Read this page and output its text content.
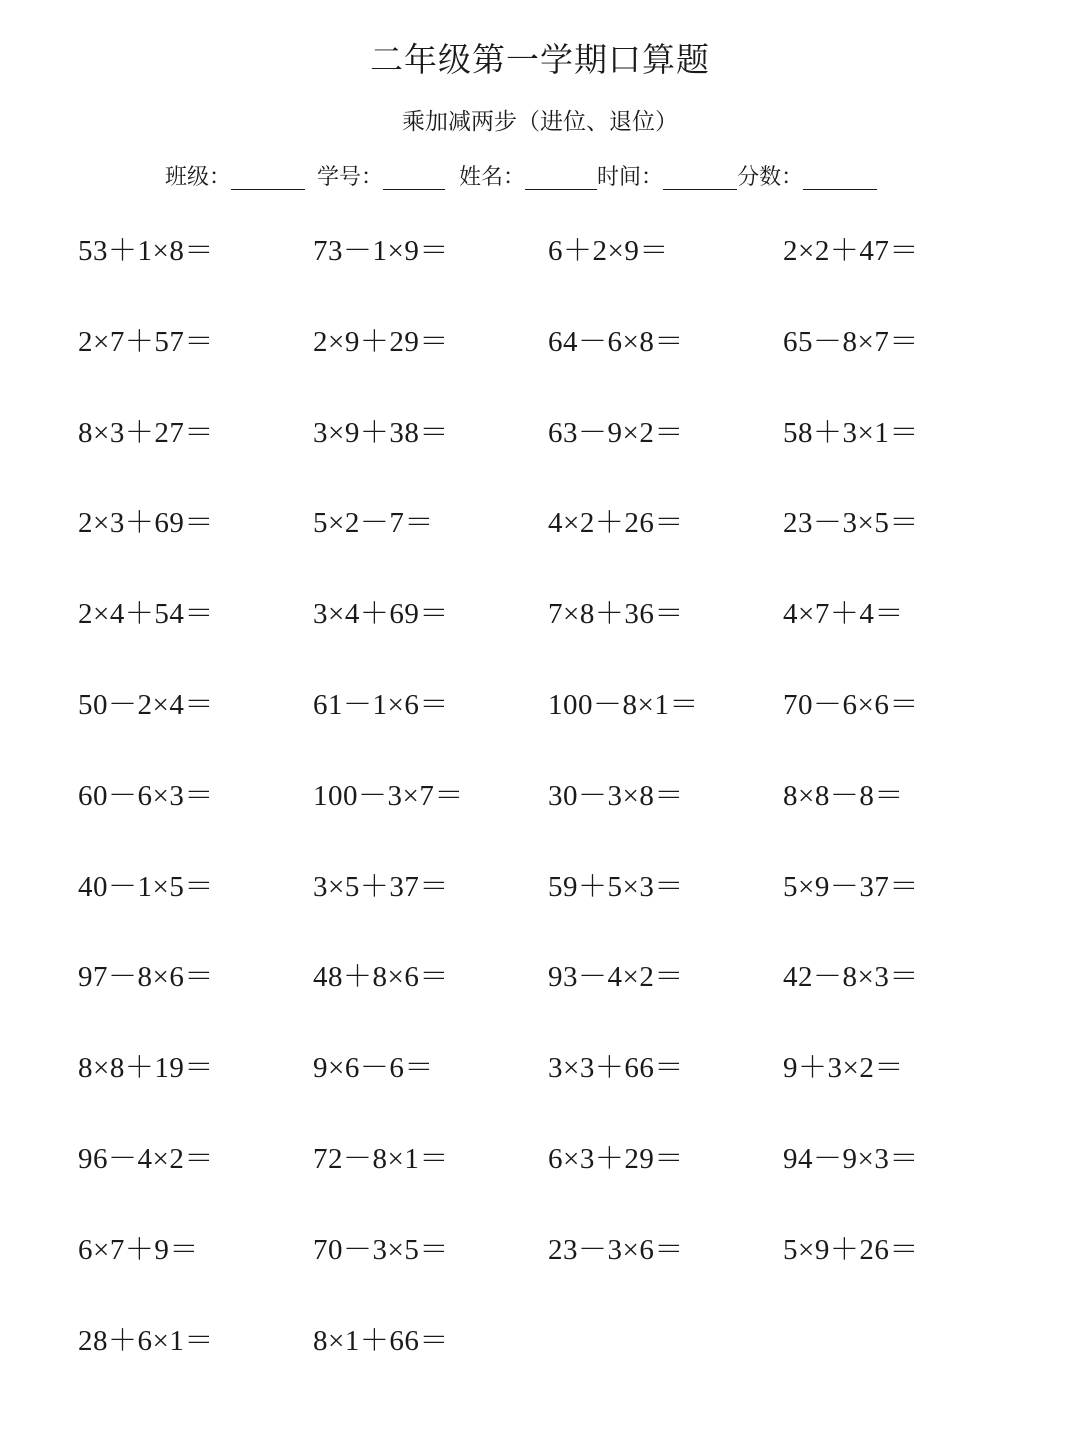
二年级第一学期口算题
乘加减两步（进位、退位）
班级：	学号：	姓名：	时间：	分数：
53＋1×8＝	73－1×9＝	6＋2×9＝	2×2＋47＝
2×7＋57＝	2×9＋29＝	64－6×8＝	65－8×7＝
8×3＋27＝	3×9＋38＝	63－9×2＝	58＋3×1＝
2×3＋69＝	5×2－7＝	4×2＋26＝	23－3×5＝
2×4＋54＝	3×4＋69＝	7×8＋36＝	4×7＋4＝
50－2×4＝	61－1×6＝	100－8×1＝	70－6×6＝
60－6×3＝	100－3×7＝	30－3×8＝	8×8－8＝
40－1×5＝	3×5＋37＝	59＋5×3＝	5×9－37＝
97－8×6＝	48＋8×6＝	93－4×2＝	42－8×3＝
8×8＋19＝	9×6－6＝	3×3＋66＝	9＋3×2＝
96－4×2＝	72－8×1＝	6×3＋29＝	94－9×3＝
6×7＋9＝	70－3×5＝	23－3×6＝	5×9＋26＝
28＋6×1＝	8×1＋66＝
